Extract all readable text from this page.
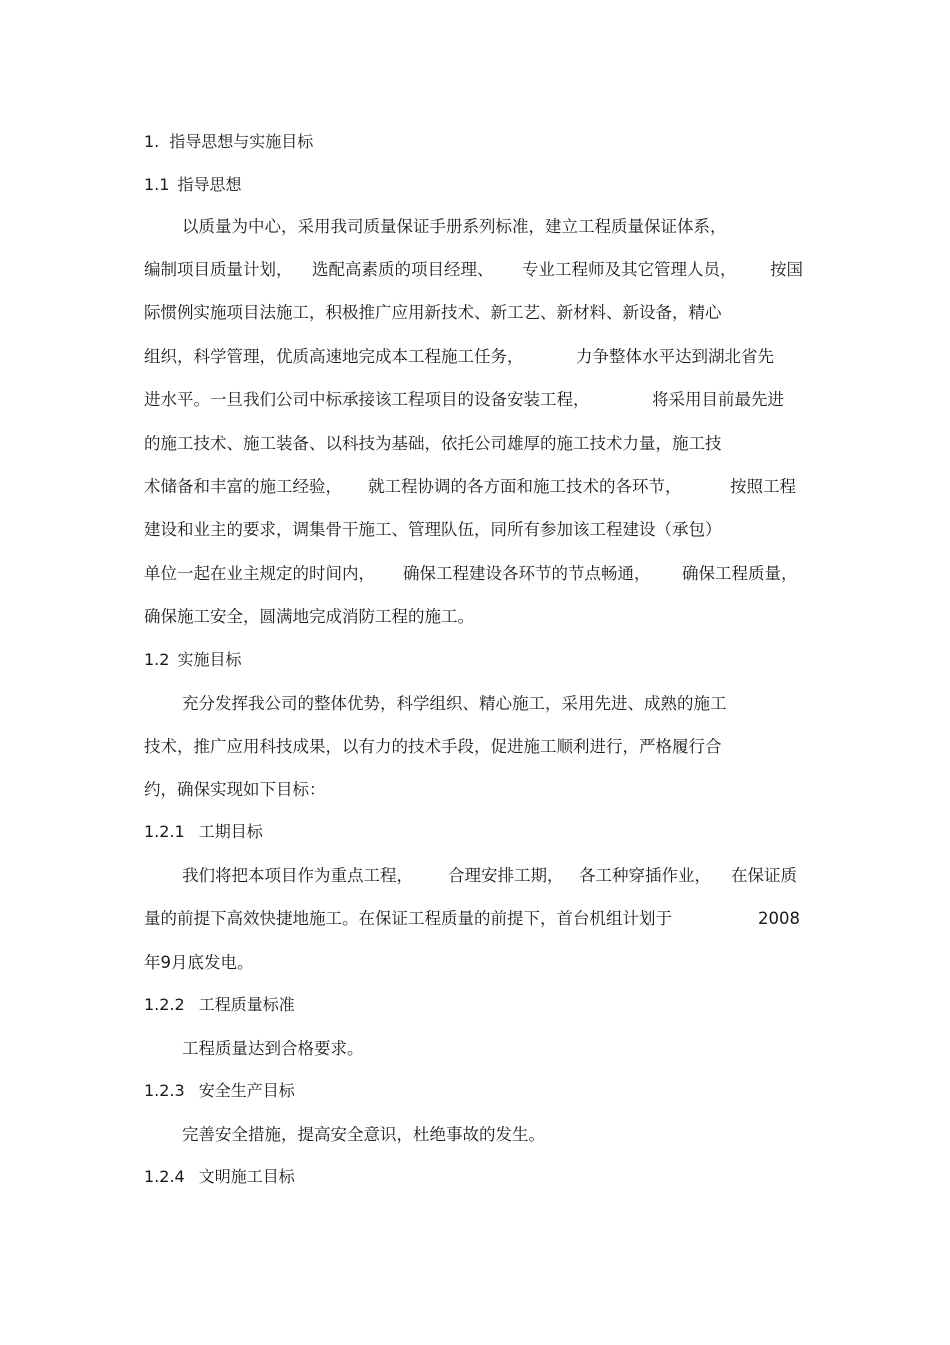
1. 指导思想与实施目标
1.1 指导思想
以质量为中心，采用我司质量保证手册系列标准，建立工程质量保证体系，
编制项目质量计划， 选配高素质的项目经理、 专业工程师及其它管理人员， 按国
际惯例实施项目法施工，积极推广应用新技术、新工艺、新材料、新设备，精心
组织，科学管理，优质高速地完成本工程施工任务，	力争整体水平达到湖北省先
进水平。一旦我们公司中标承接该工程项目的设备安装工程，	将采用目前最先进
的施工技术、施工装备、以科技为基础，依托公司雄厚的施工技术力量，施工技
术储备和丰富的施工经验， 就工程协调的各方面和施工技术的各环节，	按照工程
建设和业主的要求，调集骨干施工、管理队伍，同所有参加该工程建设（承包）
单位一起在业主规定的时间内， 确保工程建设各环节的节点畅通， 确保工程质量，
确保施工安全，圆满地完成消防工程的施工。
1.2 实施目标
充分发挥我公司的整体优势，科学组织、精心施工，采用先进、成熟的施工
技术，推广应用科技成果，以有力的技术手段，促进施工顺利进行，严格履行合
约，确保实现如下目标：
1.2.1 工期目标
我们将把本项目作为重点工程， 合理安排工期， 各工种穿插作业， 在保证质
量的前提下高效快捷地施工。在保证工程质量的前提下，首台机组计划于	2008
年9月底发电。
1.2.2 工程质量标准
工程质量达到合格要求。
1.2.3 安全生产目标
完善安全措施，提高安全意识，杜绝事故的发生。
1.2.4 文明施工目标
